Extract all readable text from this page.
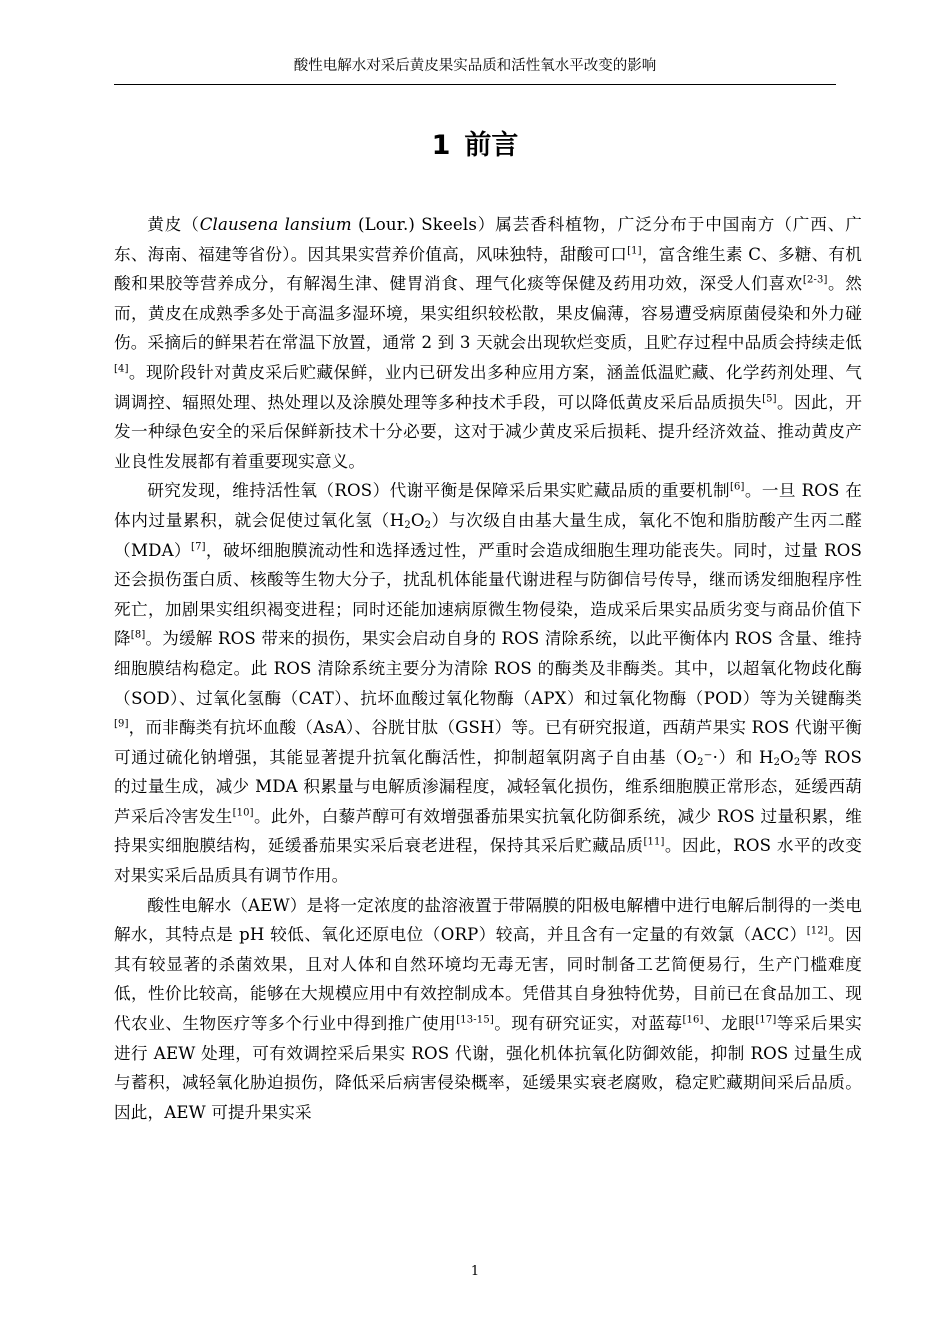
酸性电解水对采后黄皮果实品质和活性氧水平改变的影响
1 前言

黄皮（Clausena lansium (Lour.) Skeels）属芸香科植物，广泛分布于中国南方（广西、广东、海南、福建等省份）。因其果实营养价值高，风味独特，甜酸可口[1]，富含维生素 C、多糖、有机酸和果胶等营养成分，有解渴生津、健胃消食、理气化痰等保健及药用功效，深受人们喜欢[2-3]。然而，黄皮在成熟季多处于高温多湿环境，果实组织较松散，果皮偏薄，容易遭受病原菌侵染和外力碰伤。采摘后的鲜果若在常温下放置，通常 2 到 3 天就会出现软烂变质，且贮存过程中品质会持续走低[4]。现阶段针对黄皮采后贮藏保鲜，业内已研发出多种应用方案，涵盖低温贮藏、化学药剂处理、气调调控、辐照处理、热处理以及涂膜处理等多种技术手段，可以降低黄皮采后品质损失[5]。因此，开发一种绿色安全的采后保鲜新技术十分必要，这对于减少黄皮采后损耗、提升经济效益、推动黄皮产业良性发展都有着重要现实意义。

研究发现，维持活性氧（ROS）代谢平衡是保障采后果实贮藏品质的重要机制[6]。一旦 ROS 在体内过量累积，就会促使过氧化氢$(H_2O_2)$与次级自由基大量生成，氧化不饱和脂肪酸产生丙二醛（MDA）[7]，破坏细胞膜流动性和选择透过性，严重时会造成细胞生理功能丧失。同时，过量 ROS 还会损伤蛋白质、核酸等生物大分子，扰乱机体能量代谢进程与防御信号传导，继而诱发细胞程序性死亡，加剧果实组织褐变进程；同时还能加速病原微生物侵染，造成采后果实品质劣变与商品价值下降[8]。为缓解 ROS 带来的损伤，果实会启动自身的 ROS 清除系统，以此平衡体内 ROS 含量、维持细胞膜结构稳定。此 ROS 清除系统主要分为清除 ROS 的酶类及非酶类。其中，以超氧化物歧化酶（SOD）、过氧化氢酶（CAT）、抗坏血酸过氧化物酶（APX）和过氧化物酶（POD）等为关键酶类[9]，而非酶类有抗坏血酸（AsA）、谷胱甘肽（GSH）等。已有研究报道，西葫芦果实 ROS 代谢平衡可通过硫化钠增强，其能显著提升抗氧化酶活性，抑制超氧阴离子自由基$(O_2^-\cdot)$和 $H_2O_2$等 ROS 的过量生成，减少 MDA 积累量与电解质渗漏程度，减轻氧化损伤，维系细胞膜正常形态，延缓西葫芦采后冷害发生[10]。此外，白藜芦醇可有效增强番茄果实抗氧化防御系统，减少 ROS 过量积累，维持果实细胞膜结构，延缓番茄果实采后衰老进程，保持其采后贮藏品质[11]。因此，ROS 水平的改变对果实采后品质具有调节作用。

酸性电解水（AEW）是将一定浓度的盐溶液置于带隔膜的阳极电解槽中进行电解后制得的一类电解水，其特点是 pH 较低、氧化还原电位（ORP）较高，并且含有一定量的有效氯（ACC）[12]。因其有较显著的杀菌效果，且对人体和自然环境均无毒无害，同时制备工艺简便易行，生产门槛难度低，性价比较高，能够在大规模应用中有效控制成本。凭借其自身独特优势，目前已在食品加工、现代农业、生物医疗等多个行业中得到推广使用[13-15]。现有研究证实，对蓝莓[16]、龙眼[17]等采后果实进行 AEW 处理，可有效调控采后果实 ROS 代谢，强化机体抗氧化防御效能，抑制 ROS 过量生成与蓄积，减轻氧化胁迫损伤，降低采后病害侵染概率，延缓果实衰老腐败，稳定贮藏期间采后品质。因此，AEW 可提升果实采

1
